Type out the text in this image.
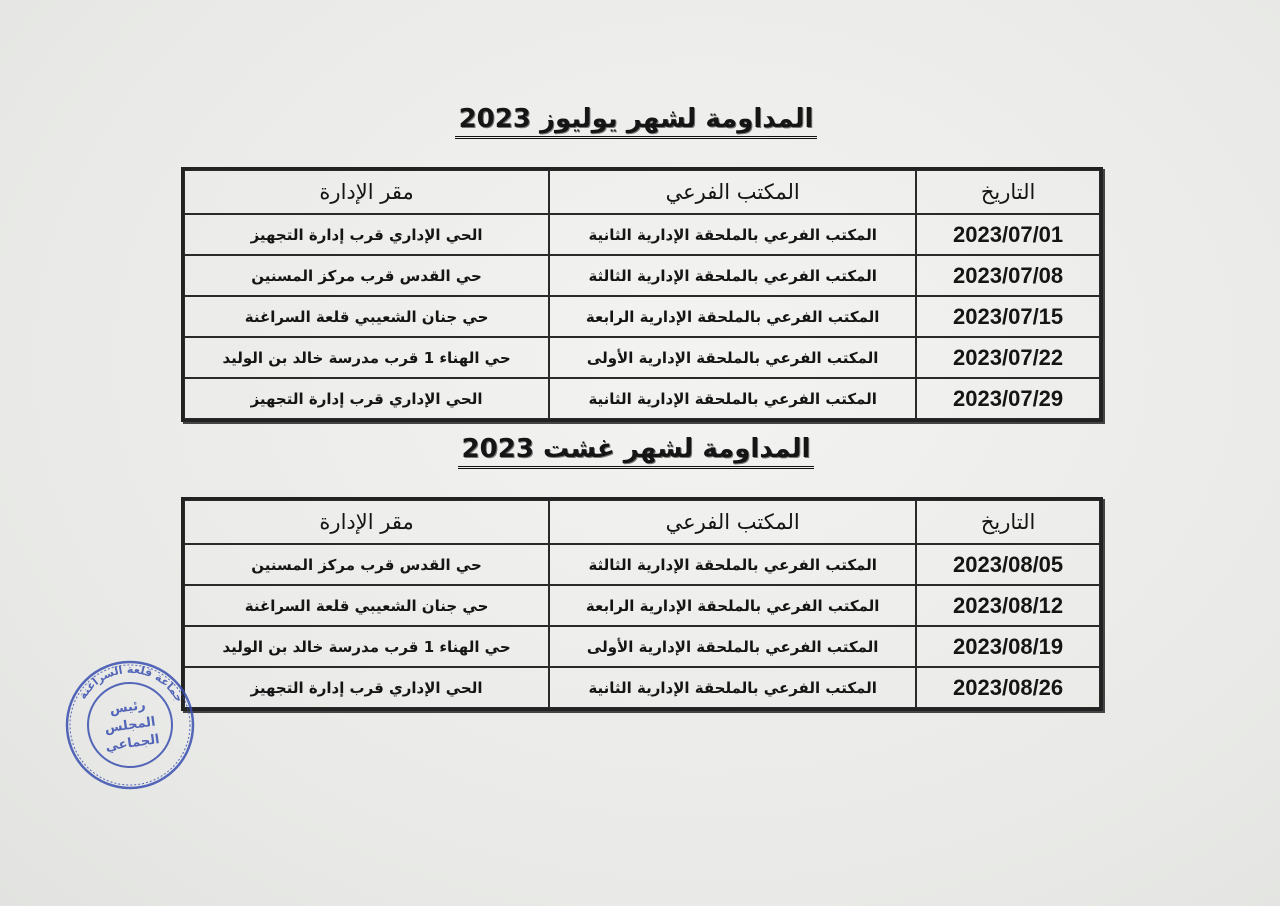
المداومة لشهر يوليوز 2023
التاريخ	المكتب الفرعي	مقر الإدارة
2023/07/01	المكتب الفرعي بالملحقة الإدارية الثانية	الحي الإداري قرب إدارة التجهيز
2023/07/08	المكتب الفرعي بالملحقة الإدارية الثالثة	حي القدس قرب مركز المسنين
2023/07/15	المكتب الفرعي بالملحقة الإدارية الرابعة	حي جنان الشعيبي قلعة السراغنة
2023/07/22	المكتب الفرعي بالملحقة الإدارية الأولى	حي الهناء 1 قرب مدرسة خالد بن الوليد
2023/07/29	المكتب الفرعي بالملحقة الإدارية الثانية	الحي الإداري قرب إدارة التجهيز
المداومة لشهر غشت 2023
التاريخ	المكتب الفرعي	مقر الإدارة
2023/08/05	المكتب الفرعي بالملحقة الإدارية الثالثة	حي القدس قرب مركز المسنين
2023/08/12	المكتب الفرعي بالملحقة الإدارية الرابعة	حي جنان الشعيبي قلعة السراغنة
2023/08/19	المكتب الفرعي بالملحقة الإدارية الأولى	حي الهناء 1 قرب مدرسة خالد بن الوليد
2023/08/26	المكتب الفرعي بالملحقة الإدارية الثانية	الحي الإداري قرب إدارة التجهيز
جماعة قلعة السراغنة
رئيس
المجلس
الجماعي
